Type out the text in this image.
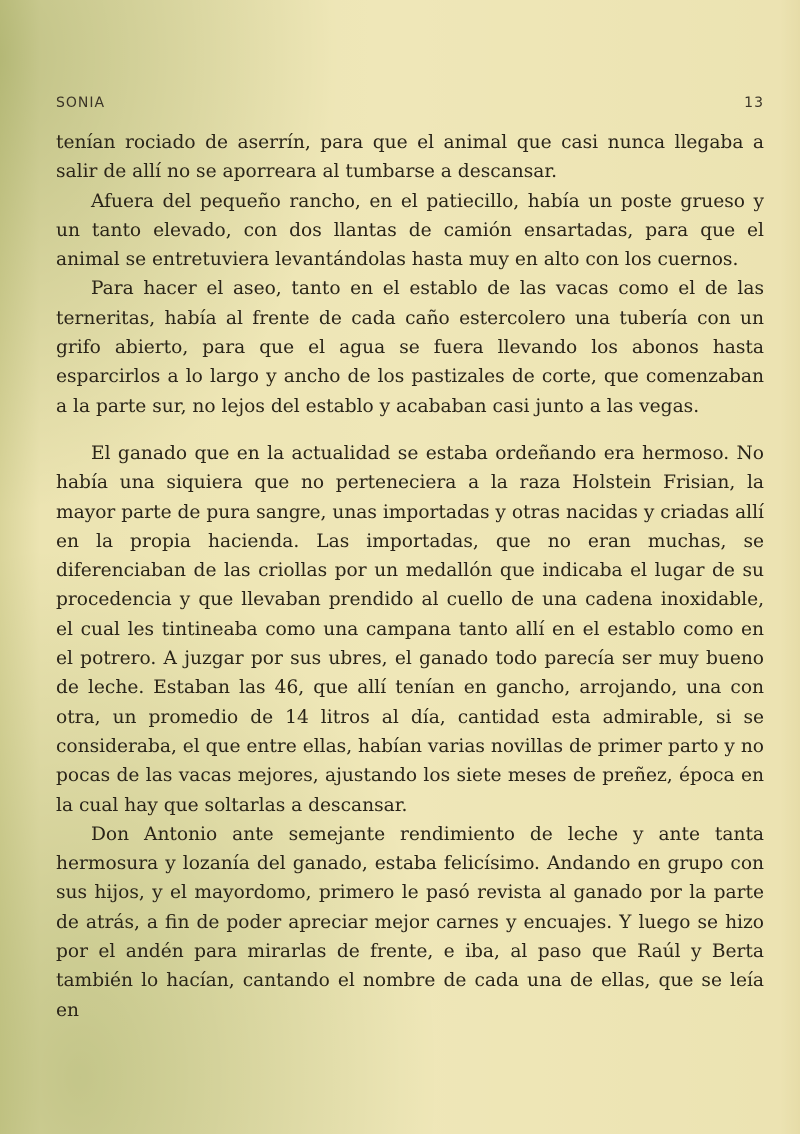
SONIA	13

tenían rociado de aserrín, para que el animal que casi nunca llegaba a salir de allí no se aporreara al tumbarse a descansar.

Afuera del pequeño rancho, en el patiecillo, había un poste grueso y un tanto elevado, con dos llantas de camión ensartadas, para que el animal se entretuviera levantándolas hasta muy en alto con los cuernos.

Para hacer el aseo, tanto en el establo de las vacas como el de las terneritas, había al frente de cada caño estercolero una tubería con un grifo abierto, para que el agua se fuera llevando los abonos hasta esparcirlos a lo largo y ancho de los pastizales de corte, que comenzaban a la parte sur, no lejos del establo y acababan casi junto a las vegas.

El ganado que en la actualidad se estaba ordeñando era hermoso. No había una siquiera que no perteneciera a la raza Holstein Frisian, la mayor parte de pura sangre, unas importadas y otras nacidas y criadas allí en la propia hacienda. Las importadas, que no eran muchas, se diferenciaban de las criollas por un medallón que indicaba el lugar de su procedencia y que llevaban prendido al cuello de una cadena inoxidable, el cual les tintineaba como una campana tanto allí en el establo como en el potrero. A juzgar por sus ubres, el ganado todo parecía ser muy bueno de leche. Estaban las 46, que allí tenían en gancho, arrojando, una con otra, un promedio de 14 litros al día, cantidad esta admirable, si se consideraba, el que entre ellas, habían varias novillas de primer parto y no pocas de las vacas mejores, ajustando los siete meses de preñez, época en la cual hay que soltarlas a descansar.

Don Antonio ante semejante rendimiento de leche y ante tanta hermosura y lozanía del ganado, estaba felicísimo. Andando en grupo con sus hijos, y el mayordomo, primero le pasó revista al ganado por la parte de atrás, a fin de poder apreciar mejor carnes y encuajes. Y luego se hizo por el andén para mirarlas de frente, e iba, al paso que Raúl y Berta también lo hacían, cantando el nombre de cada una de ellas, que se leía en
